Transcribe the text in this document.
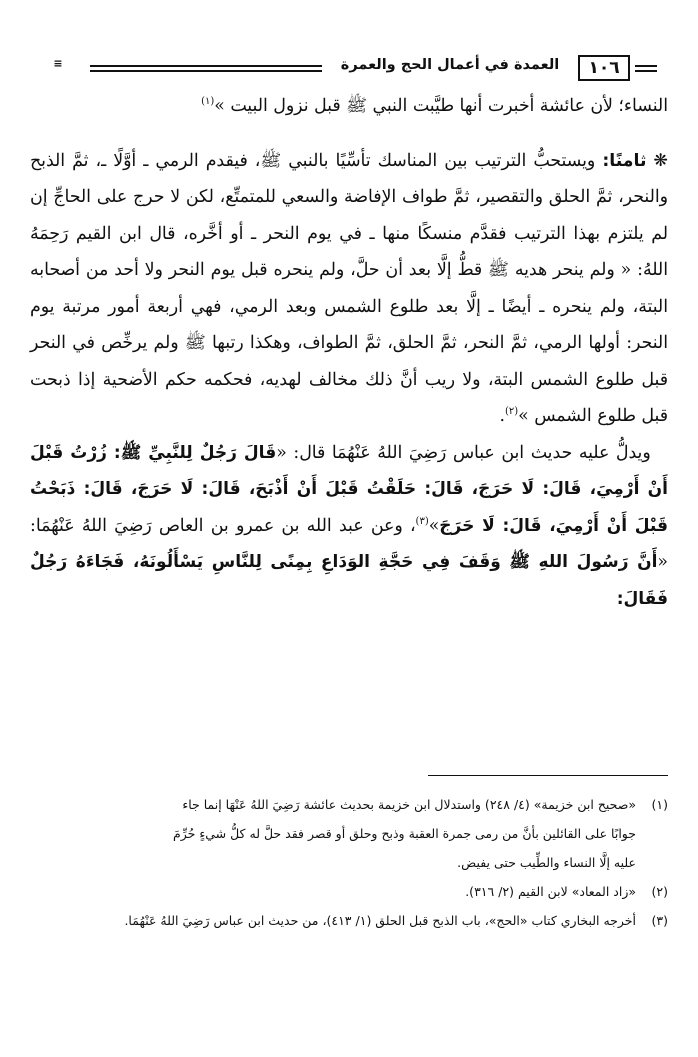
≡	العمدة في أعمال الحج والعمرة	١٠٦

النساء؛ لأن عائشة أخبرت أنها طيَّبت النبي ﷺ قبل نزول البيت »$^{(١)}$

❋ ثامنًا: ويستحبُّ الترتيب بين المناسك تأسِّيًا بالنبي ﷺ، فيقدم الرمي ـ أوَّلًا ـ، ثمَّ الذبح والنحر، ثمَّ الحلق والتقصير، ثمَّ طواف الإفاضة والسعي للمتمتِّع، لكن لا حرج على الحاجِّ إن لم يلتزم بهذا الترتيب فقدَّم منسكًا منها ـ في يوم النحر ـ أو أخَّره، قال ابن القيم رَحِمَهُ اللهُ: « ولم ينحر هديه ﷺ قطُّ إلَّا بعد أن حلَّ، ولم ينحره قبل يوم النحر ولا أحد من أصحابه البتة، ولم ينحره ـ أيضًا ـ إلَّا بعد طلوع الشمس وبعد الرمي، فهي أربعة أمور مرتبة يوم النحر: أولها الرمي، ثمَّ النحر، ثمَّ الحلق، ثمَّ الطواف، وهكذا رتبها ﷺ ولم يرخِّص في النحر قبل طلوع الشمس البتة، ولا ريب أنَّ ذلك مخالف لهديه، فحكمه حكم الأضحية إذا ذبحت قبل طلوع الشمس »$^{(٢)}$.

 ويدلُّ عليه حديث ابن عباس رَضِيَ اللهُ عَنْهُمَا قال: «قَالَ رَجُلٌ لِلنَّبِيِّ ﷺ: زُرْتُ قَبْلَ أَنْ أَرْمِيَ، قَالَ: لَا حَرَجَ، قَالَ: حَلَقْتُ قَبْلَ أَنْ أَذْبَحَ، قَالَ: لَا حَرَجَ، قَالَ: ذَبَحْتُ قَبْلَ أَنْ أَرْمِيَ، قَالَ: لَا حَرَجَ»$^{(٣)}$، وعن عبد الله بن عمرو بن العاص رَضِيَ اللهُ عَنْهُمَا: «أَنَّ رَسُولَ اللهِ ﷺ وَقَفَ فِي حَجَّةِ الوَدَاعِ بِمِنًى لِلنَّاسِ يَسْأَلُونَهُ، فَجَاءَهُ رَجُلٌ فَقَالَ:

(١)«صحيح ابن خزيمة» (٤/ ٢٤٨) واستدلال ابن خزيمة بحديث عائشة رَضِيَ اللهُ عَنْهَا إنما جاء

جوابًا على القائلين بأنَّ من رمى جمرة العقبة وذبح وحلق أو قصر فقد حلَّ له كلُّ شيءٍ حُرِّمَ

عليه إلَّا النساء والطِّيب حتى يفيض.

(٢)«زاد المعاد» لابن القيم (٢/ ٣١٦).

(٣)أخرجه البخاري كتاب «الحج»، باب الذبح قبل الحلق (١/ ٤١٣)، من حديث ابن عباس رَضِيَ اللهُ عَنْهُمَا.
